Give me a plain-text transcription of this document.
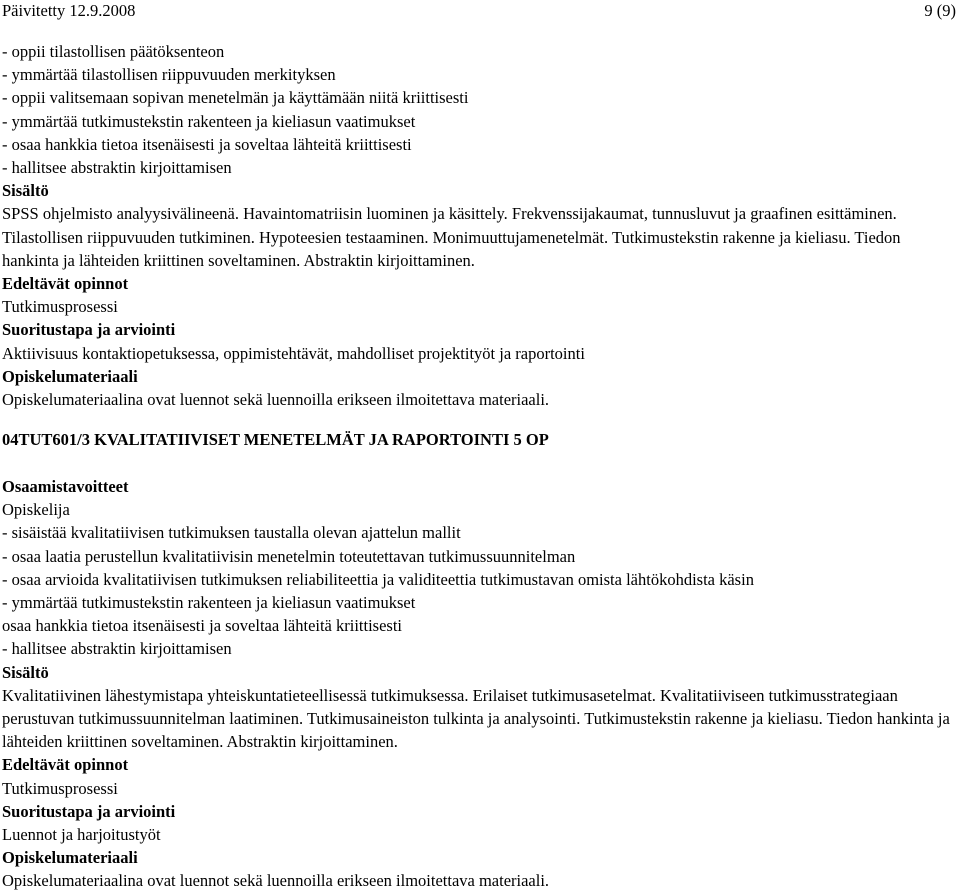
Päivitetty 12.9.2008	9 (9)
- oppii tilastollisen päätöksenteon
- ymmärtää tilastollisen riippuvuuden merkityksen
- oppii valitsemaan sopivan menetelmän ja käyttämään niitä kriittisesti
- ymmärtää tutkimustekstin rakenteen ja kieliasun vaatimukset
- osaa hankkia tietoa itsenäisesti ja soveltaa lähteitä kriittisesti
- hallitsee abstraktin kirjoittamisen
Sisältö
SPSS ohjelmisto analyysivälineenä. Havaintomatriisin luominen ja käsittely. Frekvenssijakaumat, tunnusluvut ja graafinen esittäminen. Tilastollisen riippuvuuden tutkiminen. Hypoteesien testaaminen. Monimuuttujamenetelmät. Tutkimustekstin rakenne ja kieliasu. Tiedon hankinta ja lähteiden kriittinen soveltaminen. Abstraktin kirjoittaminen.
Edeltävät opinnot
Tutkimusprosessi
Suoritustapa ja arviointi
Aktiivisuus kontaktiopetuksessa, oppimistehtävät, mahdolliset projektityöt ja raportointi
Opiskelumateriaali
Opiskelumateriaalina ovat luennot sekä luennoilla erikseen ilmoitettava materiaali.
04TUT601/3 KVALITATIIVISET MENETELMÄT JA RAPORTOINTI 5 OP
Osaamistavoitteet
Opiskelija
- sisäistää kvalitatiivisen tutkimuksen taustalla olevan ajattelun mallit
- osaa laatia perustellun kvalitatiivisin menetelmin toteutettavan tutkimussuunnitelman
- osaa arvioida kvalitatiivisen tutkimuksen reliabiliteettia ja validiteettia tutkimustavan omista lähtökohdista käsin
- ymmärtää tutkimustekstin rakenteen ja kieliasun vaatimukset
osaa hankkia tietoa itsenäisesti ja soveltaa lähteitä kriittisesti
- hallitsee abstraktin kirjoittamisen
Sisältö
Kvalitatiivinen lähestymistapa yhteiskuntatieteellisessä tutkimuksessa. Erilaiset tutkimusasetelmat. Kvalitatiiviseen tutkimusstrategiaan perustuvan tutkimussuunnitelman laatiminen. Tutkimusaineiston tulkinta ja analysointi. Tutkimustekstin rakenne ja kieliasu. Tiedon hankinta ja lähteiden kriittinen soveltaminen. Abstraktin kirjoittaminen.
Edeltävät opinnot
Tutkimusprosessi
Suoritustapa ja arviointi
Luennot ja harjoitustyöt
Opiskelumateriaali
Opiskelumateriaalina ovat luennot sekä luennoilla erikseen ilmoitettava materiaali.
